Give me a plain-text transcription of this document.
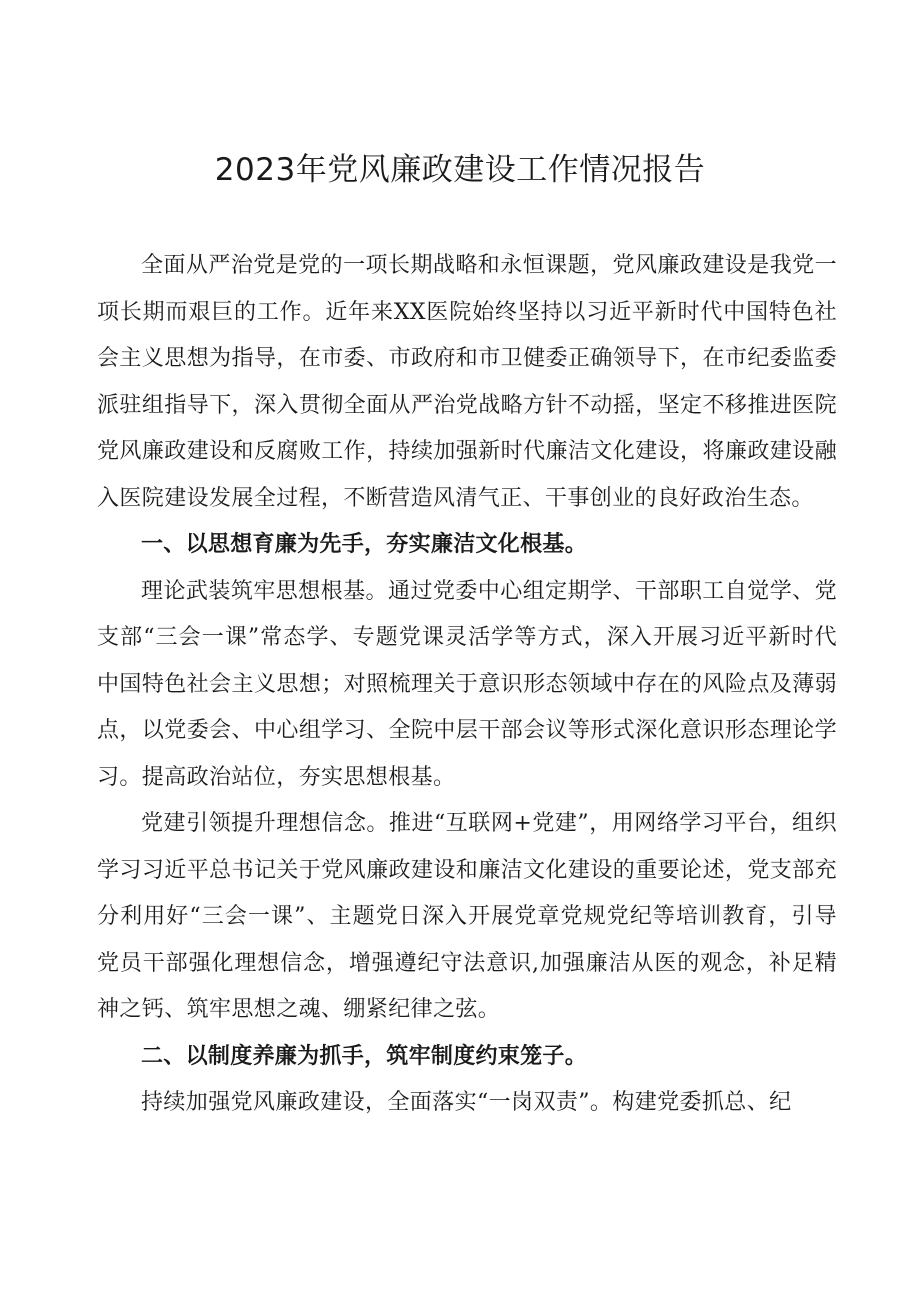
2023年党风廉政建设工作情况报告

全面从严治党是党的一项长期战略和永恒课题，党风廉政建设是我党一项长期而艰巨的工作。近年来XX医院始终坚持以习近平新时代中国特色社会主义思想为指导，在市委、市政府和市卫健委正确领导下，在市纪委监委派驻组指导下，深入贯彻全面从严治党战略方针不动摇，坚定不移推进医院党风廉政建设和反腐败工作，持续加强新时代廉洁文化建设，将廉政建设融入医院建设发展全过程，不断营造风清气正、干事创业的良好政治生态。

一、以思想育廉为先手，夯实廉洁文化根基。

理论武装筑牢思想根基。通过党委中心组定期学、干部职工自觉学、党支部“三会一课”常态学、专题党课灵活学等方式，深入开展习近平新时代中国特色社会主义思想；对照梳理关于意识形态领域中存在的风险点及薄弱点，以党委会、中心组学习、全院中层干部会议等形式深化意识形态理论学习。提高政治站位，夯实思想根基。

党建引领提升理想信念。推进“互联网+党建”，用网络学习平台，组织学习习近平总书记关于党风廉政建设和廉洁文化建设的重要论述，党支部充分利用好“三会一课”、主题党日深入开展党章党规党纪等培训教育，引导党员干部强化理想信念，增强遵纪守法意识,加强廉洁从医的观念，补足精神之钙、筑牢思想之魂、绷紧纪律之弦。

二、以制度养廉为抓手，筑牢制度约束笼子。

持续加强党风廉政建设，全面落实“一岗双责”。构建党委抓总、纪
